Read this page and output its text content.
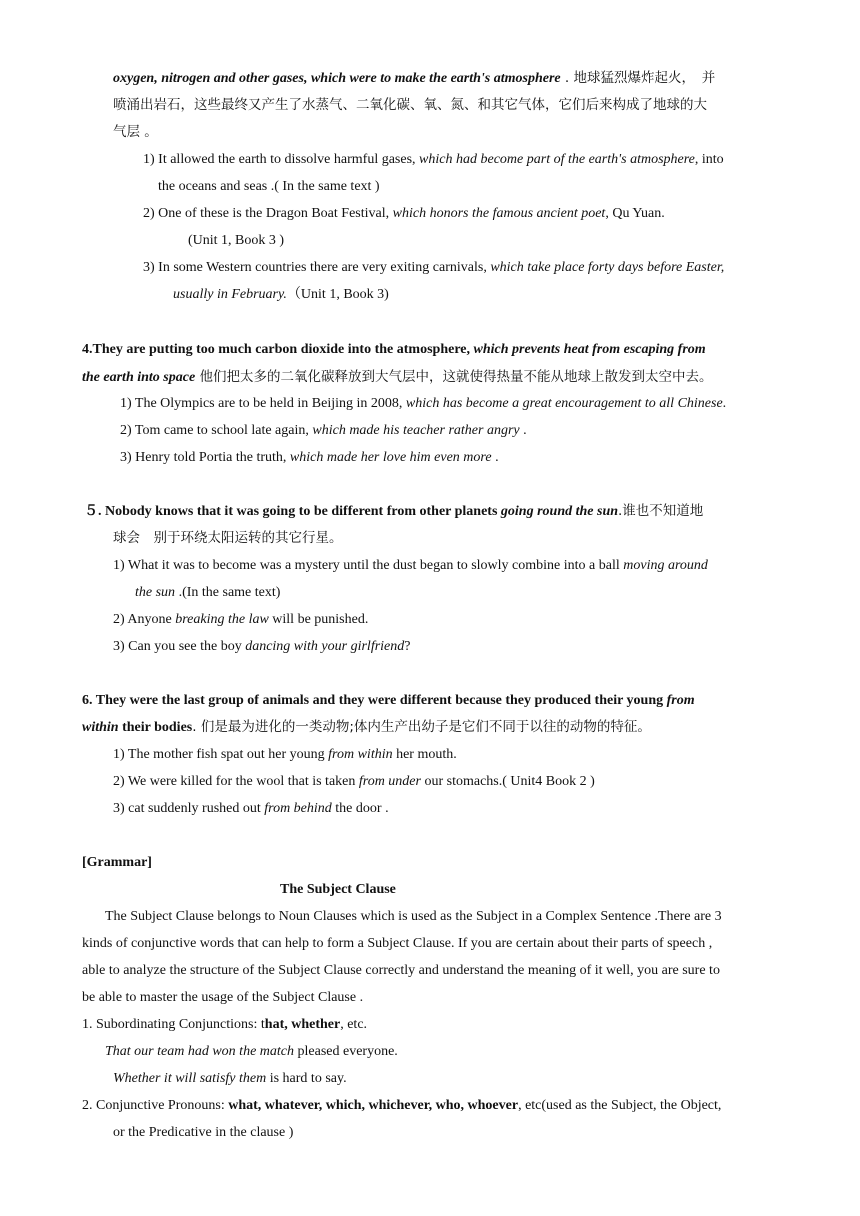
oxygen, nitrogen and other gases, which were to make the earth's atmosphere . 地球猛烈爆炸起火，　并
喷涌出岩石，这些最终又产生了水蒸气、二氧化碳、氧、氮、和其它气体，它们后来构成了地球的大
气层 。
1) It allowed the earth to dissolve harmful gases, which had become part of the earth's atmosphere, into
the oceans and seas .( In the same text )
2) One of these is the Dragon Boat Festival, which honors the famous ancient poet, Qu Yuan.
(Unit 1, Book 3 )
3) In some Western countries there are very exiting carnivals, which take place forty days before Easter,
usually in February.（Unit 1, Book 3)
4.They are putting too much carbon dioxide into the atmosphere, which prevents heat from escaping from
the earth into space 他们把太多的二氧化碳释放到大气层中，这就使得热量不能从地球上散发到太空中去。
1) The Olympics are to be held in Beijing in 2008, which has become a great encouragement to all Chinese.
2) Tom came to school late again, which made his teacher rather angry .
3) Henry told Portia the truth, which made her love him even more .
５. Nobody knows that it was going to be different from other planets going round the sun.谁也不知道地
球会　别于环绕太阳运转的其它行星。
1) What it was to become was a mystery until the dust began to slowly combine into a ball moving around
the sun .(In the same text)
2) Anyone breaking the law will be punished.
3) Can you see the boy dancing with your girlfriend?
6. They were the last group of animals and they were different because they produced their young from
within their bodies. 们是最为进化的一类动物;体内生产出幼子是它们不同于以往的动物的特征。
1) The mother fish spat out her young from within her mouth.
2) We were killed for the wool that is taken from under our stomachs.( Unit4 Book 2 )
3) cat suddenly rushed out from behind the door .
[Grammar]
The Subject Clause
The Subject Clause belongs to Noun Clauses which is used as the Subject in a Complex Sentence .There are 3
kinds of conjunctive words that can help to form a Subject Clause. If you are certain about their parts of speech ,
able to analyze the structure of the Subject Clause correctly and understand the meaning of it well, you are sure to
be able to master the usage of the Subject Clause .
1. Subordinating Conjunctions: that, whether, etc.
That our team had won the match pleased everyone.
Whether it will satisfy them is hard to say.
2. Conjunctive Pronouns: what, whatever, which, whichever, who, whoever, etc(used as the Subject, the Object,
or the Predicative in the clause )
